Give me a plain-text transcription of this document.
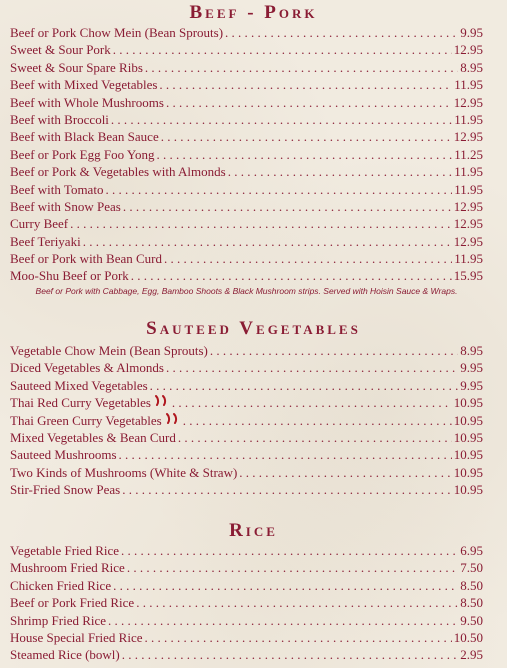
Beef - Pork
Beef or Pork Chow Mein (Bean Sprouts) . . .	9.95
Sweet & Sour Pork . . .	12.95
Sweet & Sour Spare Ribs . . .	8.95
Beef with Mixed Vegetables . . .	11.95
Beef with Whole Mushrooms . . .	12.95
Beef with Broccoli . . .	11.95
Beef with Black Bean Sauce . . .	12.95
Beef or Pork Egg Foo Yong . . .	11.25
Beef or Pork & Vegetables with Almonds . . .	11.95
Beef with Tomato . . .	11.95
Beef with Snow Peas . . .	12.95
Curry Beef . . .	12.95
Beef Teriyaki . . .	12.95
Beef or Pork with Bean Curd . . .	11.95
Moo-Shu Beef or Pork . . .	15.95
Beef or Pork with Cabbage, Egg, Bamboo Shoots & Black Mushroom strips. Served with Hoisin Sauce & Wraps.
Sauteed Vegetables
Vegetable Chow Mein (Bean Sprouts) . . .	8.95
Diced Vegetables & Almonds . . .	9.95
Sauteed Mixed Vegetables . . .	9.95
Thai Red Curry Vegetables . . .	10.95
Thai Green Curry Vegetables . . .	10.95
Mixed Vegetables & Bean Curd . . .	10.95
Sauteed Mushrooms . . .	10.95
Two Kinds of Mushrooms (White & Straw) . . .	10.95
Stir-Fried Snow Peas . . .	10.95
Rice
Vegetable Fried Rice . . .	6.95
Mushroom Fried Rice . . .	7.50
Chicken Fried Rice . . .	8.50
Beef or Pork Fried Rice . . .	8.50
Shrimp Fried Rice . . .	9.50
House Special Fried Rice . . .	10.50
Steamed Rice (bowl) . . .	2.95
